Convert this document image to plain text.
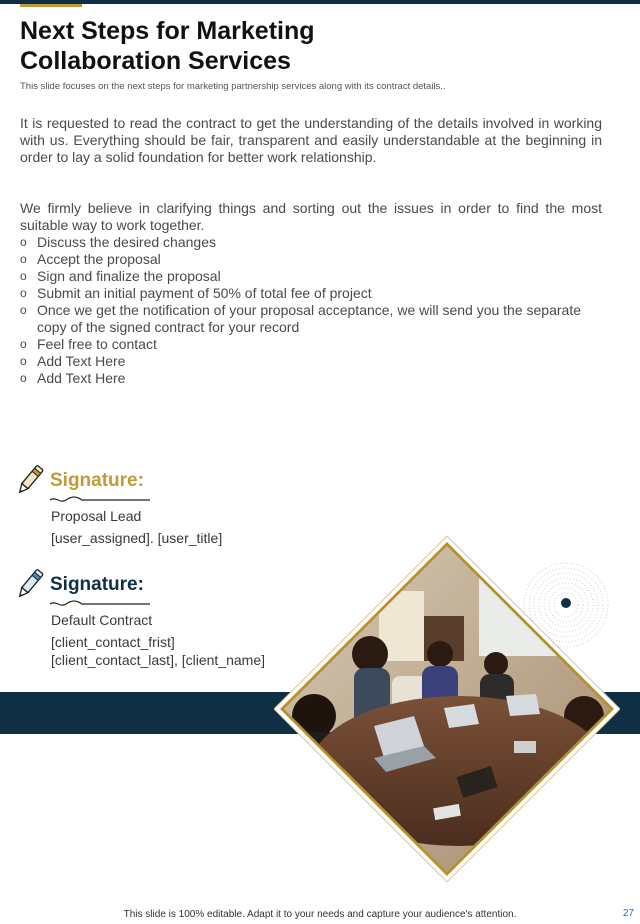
Next Steps for Marketing
Collaboration Services
This slide focuses on the next steps for marketing partnership services along with its contract details..

It is requested to read the contract to get the understanding of the details involved in working with us. Everything should be fair, transparent and easily understandable at the beginning in order to lay a solid foundation for better work relationship.

We firmly believe in clarifying things and sorting out the issues in order to find the most suitable way to work together.

o Discuss the desired changes
o Accept the proposal
o Sign and finalize the proposal
o Submit an initial payment of 50% of total fee of project
o Once we get the notification of your proposal acceptance, we will send you the separate copy of the signed contract for your record
o Feel free to contact
o Add Text Here
o Add Text Here
Signature:
Proposal Lead
[user_assigned]. [user_title]
Signature:
Default Contract
[client_contact_frist]
[client_contact_last], [client_name]
This slide is 100% editable. Adapt it to your needs and capture your audience's attention.	27
